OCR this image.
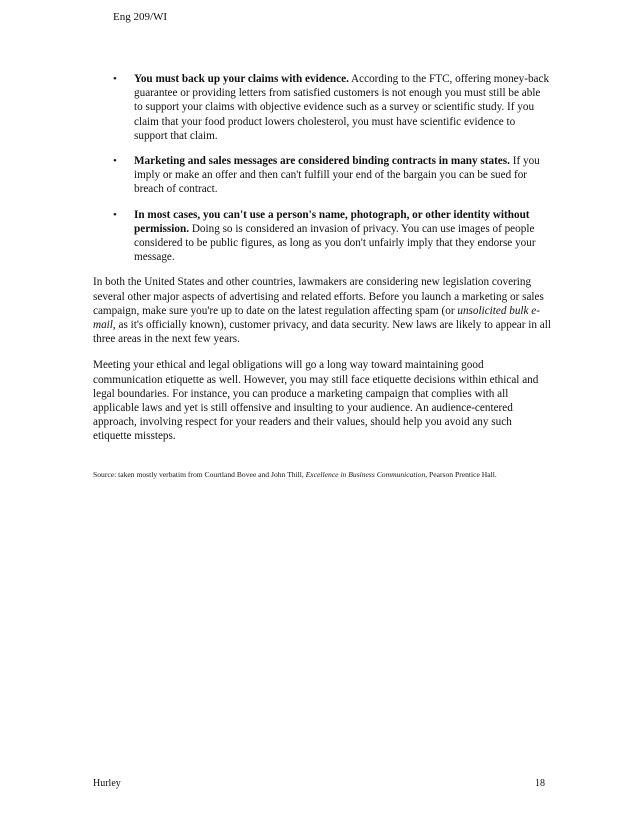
Eng 209/WI
• You must back up your claims with evidence. According to the FTC, offering money-back guarantee or providing letters from satisfied customers is not enough you must still be able to support your claims with objective evidence such as a survey or scientific study. If you claim that your food product lowers cholesterol, you must have scientific evidence to support that claim.
• Marketing and sales messages are considered binding contracts in many states. If you imply or make an offer and then can't fulfill your end of the bargain you can be sued for breach of contract.
• In most cases, you can't use a person's name, photograph, or other identity without permission. Doing so is considered an invasion of privacy. You can use images of people considered to be public figures, as long as you don't unfairly imply that they endorse your message.

In both the United States and other countries, lawmakers are considering new legislation covering several other major aspects of advertising and related efforts. Before you launch a marketing or sales campaign, make sure you're up to date on the latest regulation affecting spam (or unsolicited bulk e-mail, as it's officially known), customer privacy, and data security. New laws are likely to appear in all three areas in the next few years.

Meeting your ethical and legal obligations will go a long way toward maintaining good communication etiquette as well. However, you may still face etiquette decisions within ethical and legal boundaries. For instance, you can produce a marketing campaign that complies with all applicable laws and yet is still offensive and insulting to your audience. An audience-centered approach, involving respect for your readers and their values, should help you avoid any such etiquette missteps.

Source: taken mostly verbatim from Courtland Bovee and John Thill, Excellence in Business Communication, Pearson Prentice Hall.
Hurley	18
